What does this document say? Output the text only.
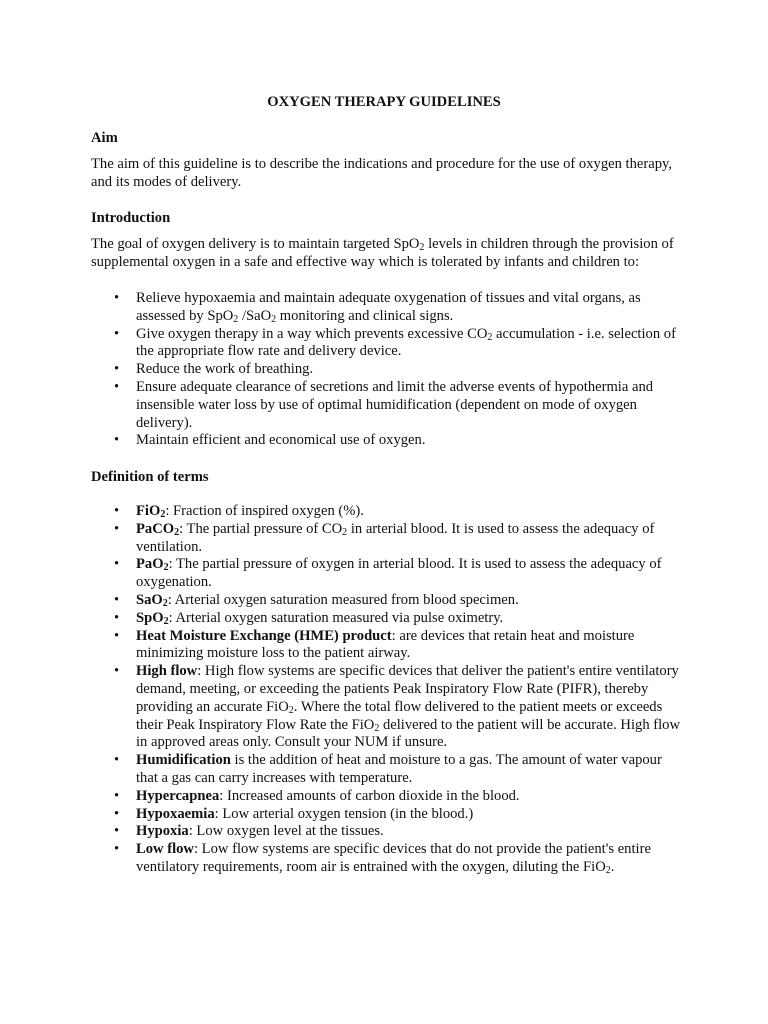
OXYGEN THERAPY GUIDELINES
Aim
The aim of this guideline is to describe the indications and procedure for the use of oxygen therapy, and its modes of delivery.
Introduction
The goal of oxygen delivery is to maintain targeted SpO$_2$ levels in children through the provision of supplemental oxygen in a safe and effective way which is tolerated by infants and children to:
• Relieve hypoxaemia and maintain adequate oxygenation of tissues and vital organs, as assessed by SpO$_2$ /SaO$_2$ monitoring and clinical signs.
• Give oxygen therapy in a way which prevents excessive $CO_2$ accumulation - i.e. selection of the appropriate flow rate and delivery device.
• Reduce the work of breathing.
• Ensure adequate clearance of secretions and limit the adverse events of hypothermia and insensible water loss by use of optimal humidification (dependent on mode of oxygen delivery).
• Maintain efficient and economical use of oxygen.
Definition of terms
• FiO$_2$: Fraction of inspired oxygen (%).
• PaCO$_2$: The partial pressure of $CO_2$ in arterial blood. It is used to assess the adequacy of ventilation.
• PaO$_2$: The partial pressure of oxygen in arterial blood. It is used to assess the adequacy of oxygenation.
• SaO$_2$: Arterial oxygen saturation measured from blood specimen.
• SpO$_2$: Arterial oxygen saturation measured via pulse oximetry.
• Heat Moisture Exchange (HME) product: are devices that retain heat and moisture minimizing moisture loss to the patient airway.
• High flow: High flow systems are specific devices that deliver the patient's entire ventilatory demand, meeting, or exceeding the patients Peak Inspiratory Flow Rate (PIFR), thereby providing an accurate FiO$_2$. Where the total flow delivered to the patient meets or exceeds their Peak Inspiratory Flow Rate the FiO$_2$ delivered to the patient will be accurate. High flow in approved areas only. Consult your NUM if unsure.
• Humidification is the addition of heat and moisture to a gas. The amount of water vapour that a gas can carry increases with temperature.
• Hypercapnea: Increased amounts of carbon dioxide in the blood.
• Hypoxaemia: Low arterial oxygen tension (in the blood.)
• Hypoxia: Low oxygen level at the tissues.
• Low flow: Low flow systems are specific devices that do not provide the patient's entire ventilatory requirements, room air is entrained with the oxygen, diluting the FiO$_2$.
